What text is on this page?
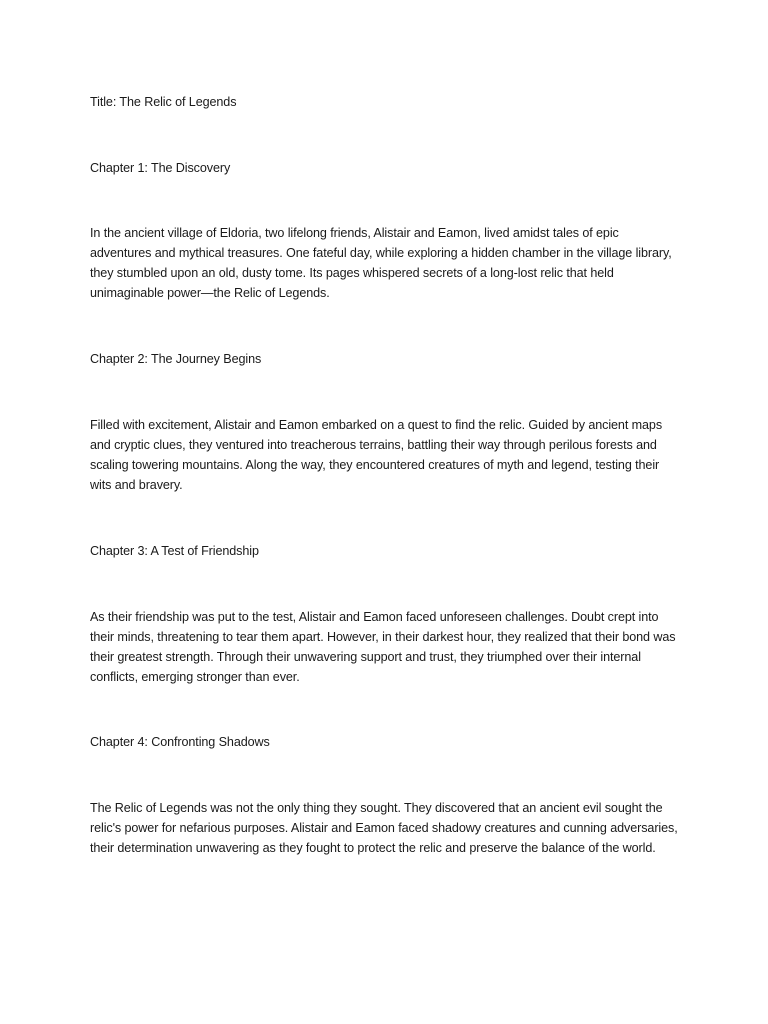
Title: The Relic of Legends

Chapter 1: The Discovery

In the ancient village of Eldoria, two lifelong friends, Alistair and Eamon, lived amidst tales of epic adventures and mythical treasures. One fateful day, while exploring a hidden chamber in the village library, they stumbled upon an old, dusty tome. Its pages whispered secrets of a long-lost relic that held unimaginable power—the Relic of Legends.

Chapter 2: The Journey Begins

Filled with excitement, Alistair and Eamon embarked on a quest to find the relic. Guided by ancient maps and cryptic clues, they ventured into treacherous terrains, battling their way through perilous forests and scaling towering mountains. Along the way, they encountered creatures of myth and legend, testing their wits and bravery.

Chapter 3: A Test of Friendship

As their friendship was put to the test, Alistair and Eamon faced unforeseen challenges. Doubt crept into their minds, threatening to tear them apart. However, in their darkest hour, they realized that their bond was their greatest strength. Through their unwavering support and trust, they triumphed over their internal conflicts, emerging stronger than ever.

Chapter 4: Confronting Shadows

The Relic of Legends was not the only thing they sought. They discovered that an ancient evil sought the relic's power for nefarious purposes. Alistair and Eamon faced shadowy creatures and cunning adversaries, their determination unwavering as they fought to protect the relic and preserve the balance of the world.
